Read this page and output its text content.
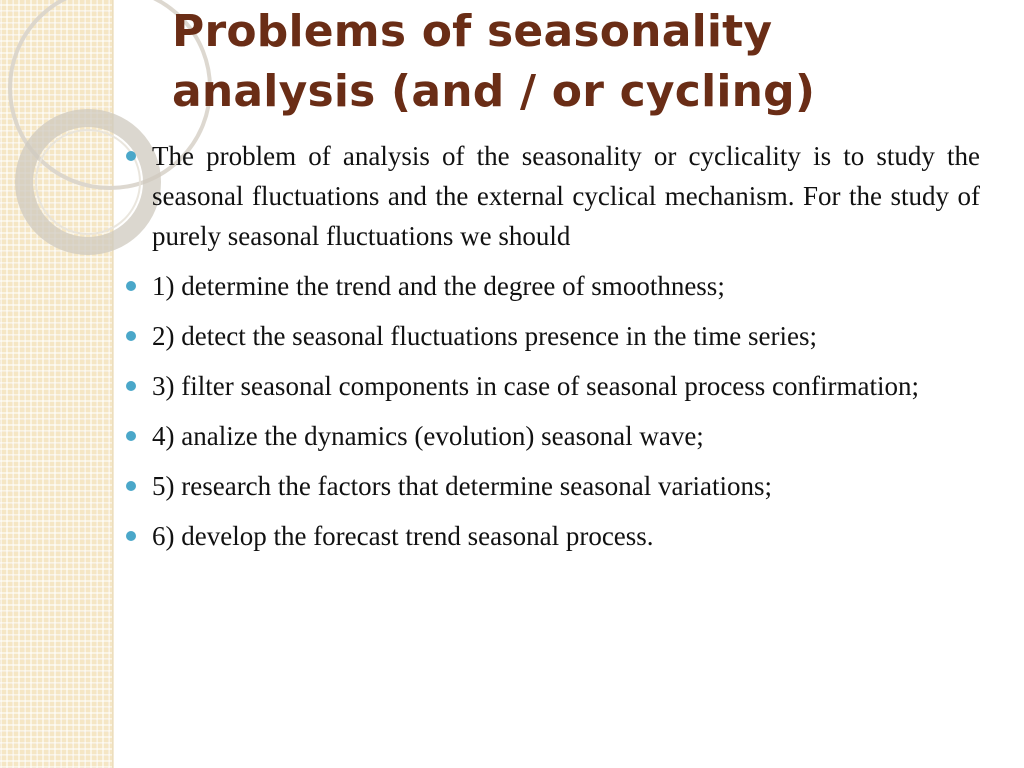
Problems of seasonality
analysis (and / or cycling)
The problem of analysis of the seasonality or cyclicality is to study the seasonal fluctuations and the external cyclical mechanism. For the study of purely seasonal fluctuations we should
1) determine the trend and the degree of smoothness;
2) detect the seasonal fluctuations presence in the time series;
3) filter seasonal components in case of seasonal process confirmation;
4) analize the dynamics (evolution) seasonal wave;
5) research the factors that determine seasonal variations;
6) develop the forecast trend seasonal process.
